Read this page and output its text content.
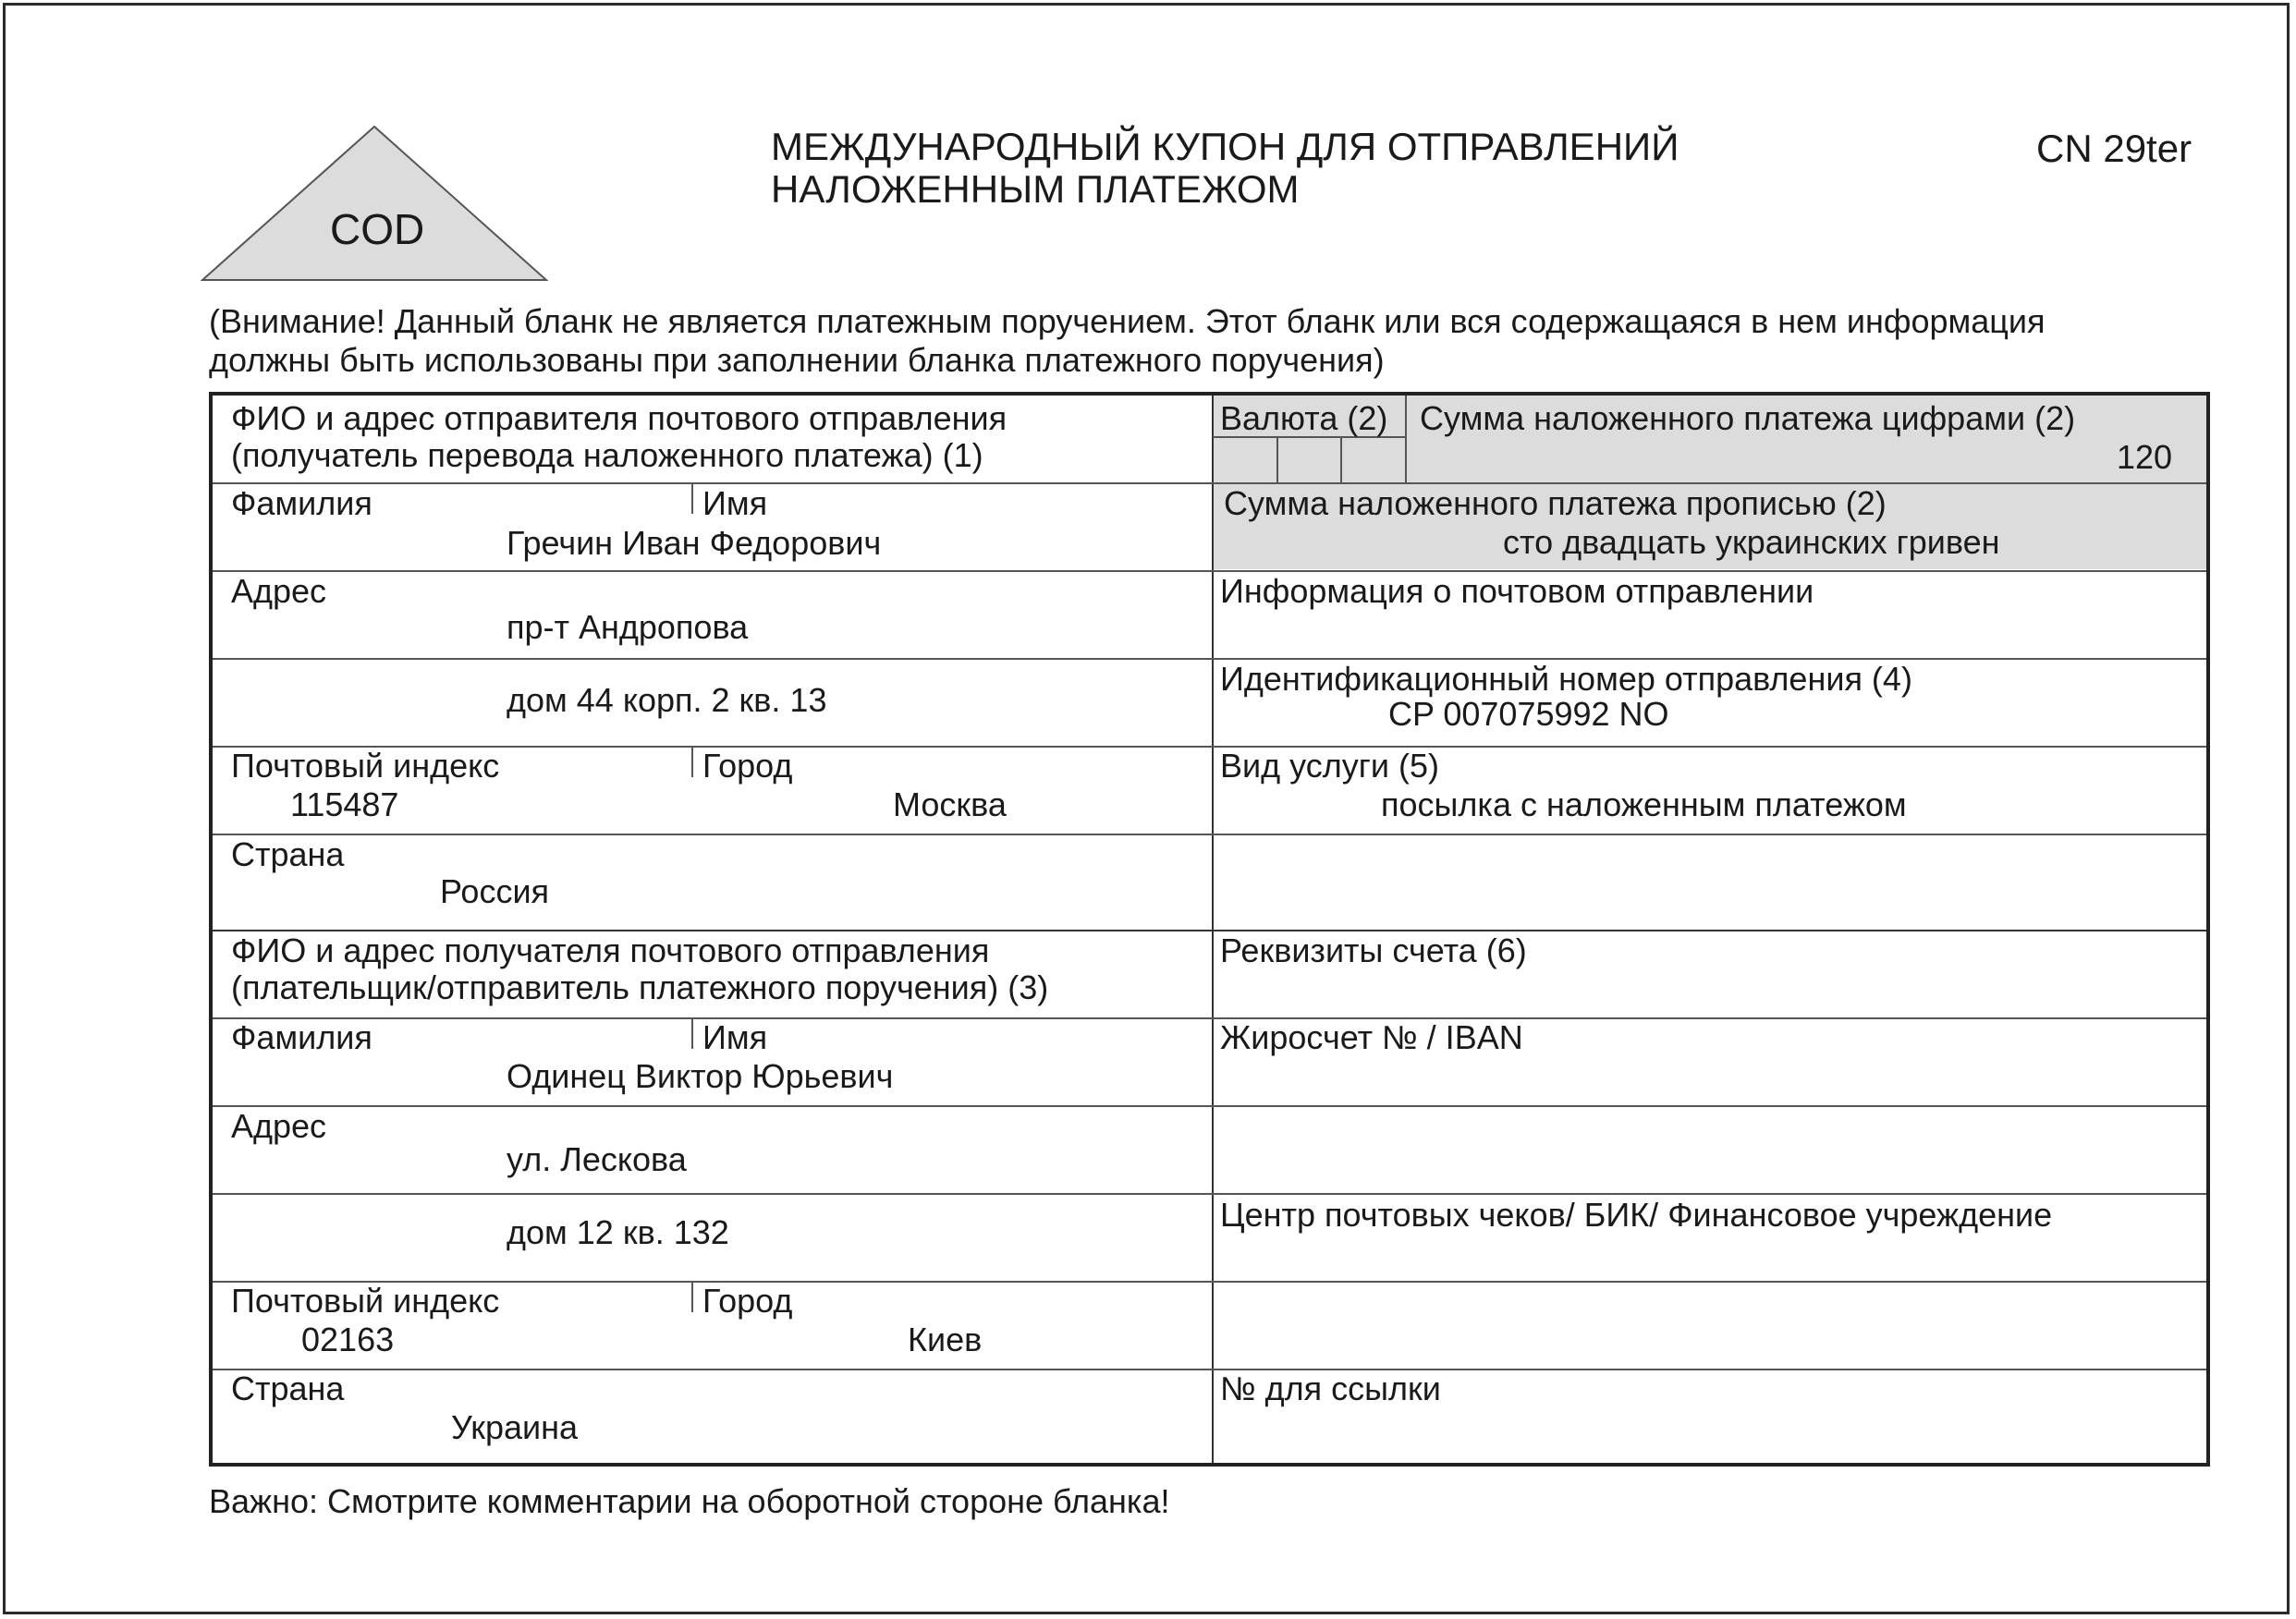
COD
МЕЖДУНАРОДНЫЙ КУПОН ДЛЯ ОТПРАВЛЕНИЙ
НАЛОЖЕННЫМ ПЛАТЕЖОМ
CN 29ter
(Внимание! Данный бланк не является платежным поручением. Этот бланк или вся содержащаяся в нем информация
должны быть использованы при заполнении бланка платежного поручения)
ФИО и адрес отправителя почтового отправления
(получатель перевода наложенного платежа) (1)
Фамилия	Имя
Гречин Иван Федорович
Адрес
пр-т Андропова
дом 44 корп. 2 кв. 13
Почтовый индекс	Город
115487	Москва
Страна
Россия
ФИО и адрес получателя почтового отправления
(плательщик/отправитель платежного поручения) (3)
Фамилия	Имя
Одинец Виктор Юрьевич
Адрес
ул. Лескова
дом 12 кв. 132
Почтовый индекс	Город
02163	Киев
Страна
Украина
Валюта (2) Сумма наложенного платежа цифрами (2)
120
Сумма наложенного платежа прописью (2)
сто двадцать украинских гривен
Информация о почтовом отправлении
Идентификационный номер отправления (4)
CP 007075992 NO
Вид услуги (5)
посылка с наложенным платежом
Реквизиты счета (6)
Жиросчет № / IBAN
Центр почтовых чеков/ БИК/ Финансовое учреждение
№ для ссылки
Важно: Смотрите комментарии на оборотной стороне бланка!
